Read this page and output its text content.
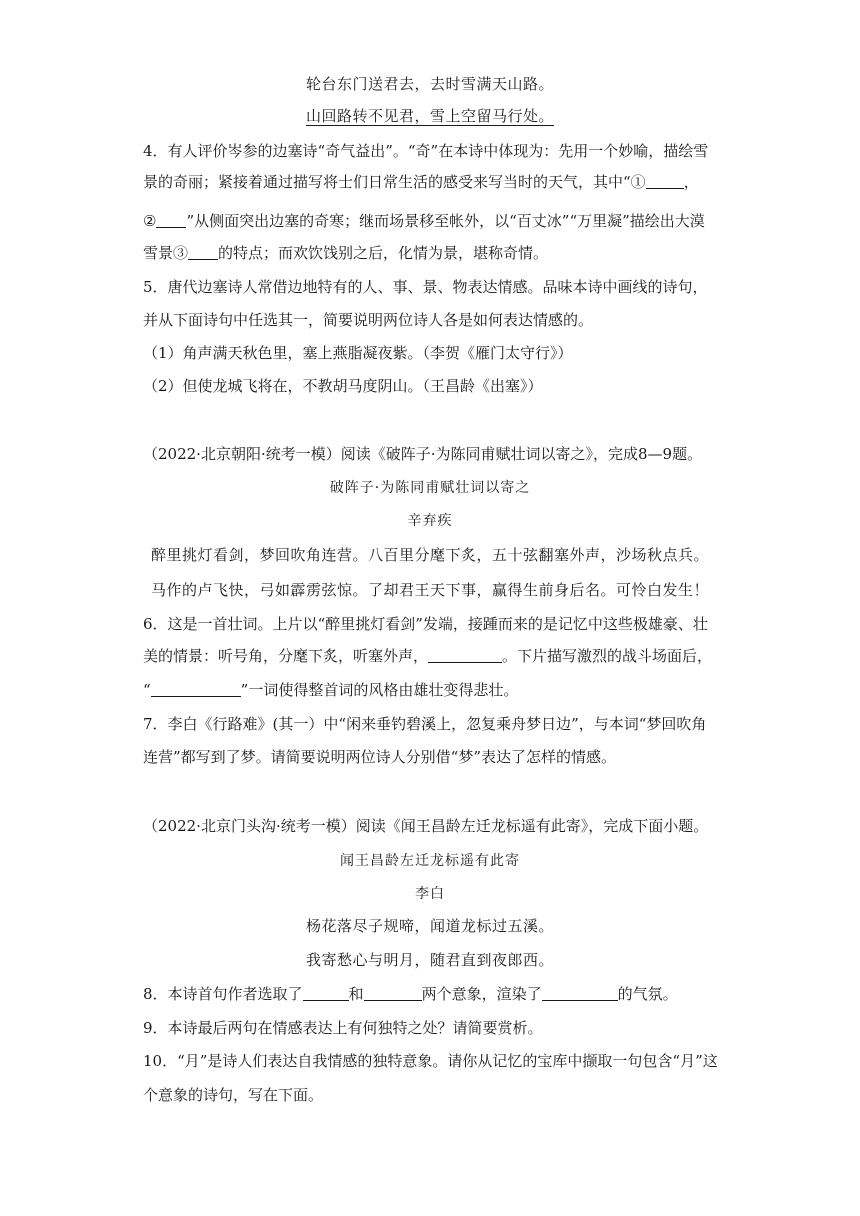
轮台东门送君去，去时雪满天山路。
山回路转不见君，雪上空留马行处。
4．有人评价岑参的边塞诗“奇气益出”。“奇”在本诗中体现为：先用一个妙喻，描绘雪
景的奇丽；紧接着通过描写将士们日常生活的感受来写当时的天气，其中“①	，
② ”从侧面突出边塞的奇寒；继而场景移至帐外，以“百丈冰”“万里凝”描绘出大漠
雪景③ 的特点；而欢饮饯别之后，化情为景，堪称奇情。
5．唐代边塞诗人常借边地特有的人、事、景、物表达情感。品味本诗中画线的诗句，
并从下面诗句中任选其一，简要说明两位诗人各是如何表达情感的。
（1）角声满天秋色里，塞上燕脂凝夜紫。（李贺《雁门太守行》）
（2）但使龙城飞将在，不教胡马度阴山。（王昌龄《出塞》）
（2022·北京朝阳·统考一模）阅读《破阵子·为陈同甫赋壮词以寄之》，完成8—9题。
破阵子·为陈同甫赋壮词以寄之
辛弃疾
醉里挑灯看剑，梦回吹角连营。八百里分麾下炙，五十弦翻塞外声，沙场秋点兵。
马作的卢飞快，弓如霹雳弦惊。了却君王天下事，赢得生前身后名。可怜白发生！
6．这是一首壮词。上片以“醉里挑灯看剑”发端，接踵而来的是记忆中这些极雄豪、壮
美的情景：听号角，分麾下炙，听塞外声，	。下片描写激烈的战斗场面后，
“	”一词使得整首词的风格由雄壮变得悲壮。
7．李白《行路难》(其一）中“闲来垂钓碧溪上，忽复乘舟梦日边”，与本词“梦回吹角
连营”都写到了梦。请简要说明两位诗人分别借“梦”表达了怎样的情感。
（2022·北京门头沟·统考一模）阅读《闻王昌龄左迁龙标遥有此寄》，完成下面小题。
闻王昌龄左迁龙标遥有此寄
李白
杨花落尽子规啼，闻道龙标过五溪。
我寄愁心与明月，随君直到夜郎西。
8．本诗首句作者选取了	和	两个意象，渲染了	的气氛。
9．本诗最后两句在情感表达上有何独特之处？请简要赏析。
10．“月”是诗人们表达自我情感的独特意象。请你从记忆的宝库中撷取一句包含“月”这
个意象的诗句，写在下面。
